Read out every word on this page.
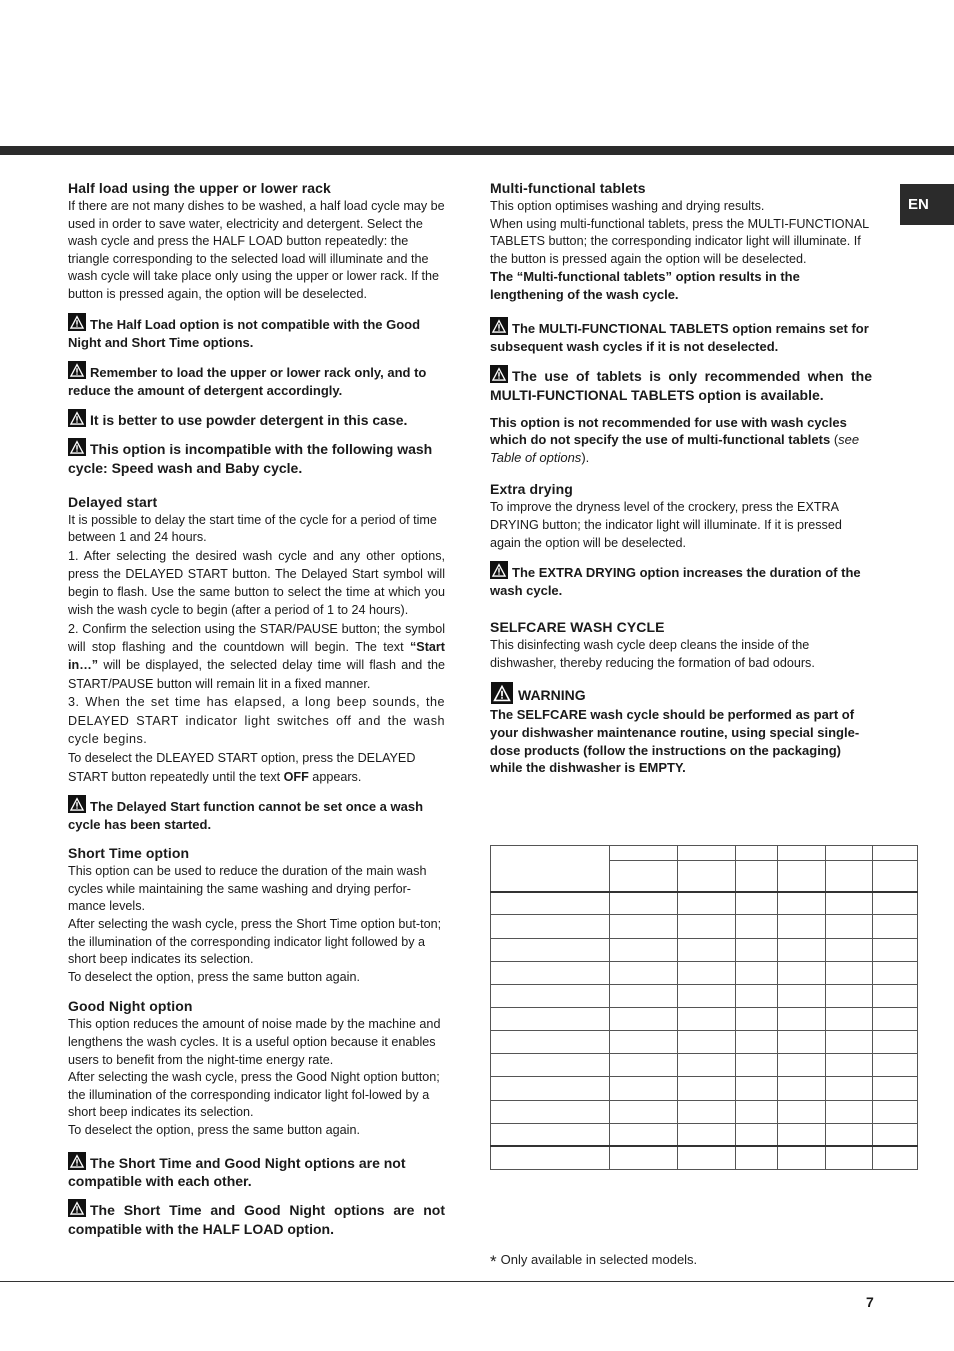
EN
Half load using the upper or lower rack

If there are not many dishes to be washed, a half load cycle may be used in order to save water, electricity and detergent. Select the wash cycle and press the HALF LOAD button repeatedly: the triangle corresponding to the selected load will illuminate and the wash cycle will take place only using the upper or lower rack. If the button is pressed again, the option will be deselected.

The Half Load option is not compatible with the Good Night and Short Time options.
Remember to load the upper or lower rack only, and to reduce the amount of detergent accordingly.
It is better to use powder detergent in this case.
This option is incompatible with the following wash cycle: Speed wash and Baby cycle.
Delayed start

It is possible to delay the start time of the cycle for a period of time between 1 and 24 hours.

1. After selecting the desired wash cycle and any other options, press the DELAYED START button. The Delayed Start symbol will begin to flash. Use the same button to select the time at which you wish the wash cycle to begin (after a period of 1 to 24 hours).

2. Confirm the selection using the STAR/PAUSE button; the symbol will stop flashing and the countdown will begin. The text “Start in…” will be displayed, the selected delay time will flash and the START/PAUSE button will remain lit in a fixed manner.

3. When the set time has elapsed, a long beep sounds, the DELAYED START indicator light switches off and the wash cycle begins.

To deselect the DLEAYED START option, press the DELAYED START button repeatedly until the text OFF appears.

The Delayed Start function cannot be set once a wash cycle has been started.
Short Time option

This option can be used to reduce the duration of the main wash cycles while maintaining the same washing and drying perfor-mance levels.

After selecting the wash cycle, press the Short Time option but-ton; the illumination of the corresponding indicator light followed by a short beep indicates its selection.

To deselect the option, press the same button again.

Good Night option

This option reduces the amount of noise made by the machine and lengthens the wash cycles. It is a useful option because it enables users to benefit from the night-time energy rate.

After selecting the wash cycle, press the Good Night option button; the illumination of the corresponding indicator light fol-lowed by a short beep indicates its selection.

To deselect the option, press the same button again.

The Short Time and Good Night options are not compatible with each other.
The Short Time and Good Night options are not compatible with the HALF LOAD option.
Multi-functional tablets

This option optimises washing and drying results.

When using multi-functional tablets, press the MULTI-FUNCTIONAL TABLETS button; the corresponding indicator light will illuminate. If the button is pressed again the option will be deselected.

The “Multi-functional tablets” option results in the lengthening of the wash cycle.

The MULTI-FUNCTIONAL TABLETS option remains set for subsequent wash cycles if it is not deselected.
The use of tablets is only recommended when the MULTI-FUNCTIONAL TABLETS option is available.

This option is not recommended for use with wash cycles which do not specify the use of multi-functional tablets (see Table of options).

Extra drying

To improve the dryness level of the crockery, press the EXTRA DRYING button; the indicator light will illuminate. If it is pressed again the option will be deselected.

The EXTRA DRYING option increases the duration of the wash cycle.
SELFCARE WASH CYCLE

This disinfecting wash cycle deep cleans the inside of the dishwasher, thereby reducing the formation of bad odours.

WARNING

The SELFCARE wash cycle should be performed as part of your dishwasher maintenance routine, using special single-dose products (follow the instructions on the packaging) while the dishwasher is EMPTY.

* Only available in selected models.
7
